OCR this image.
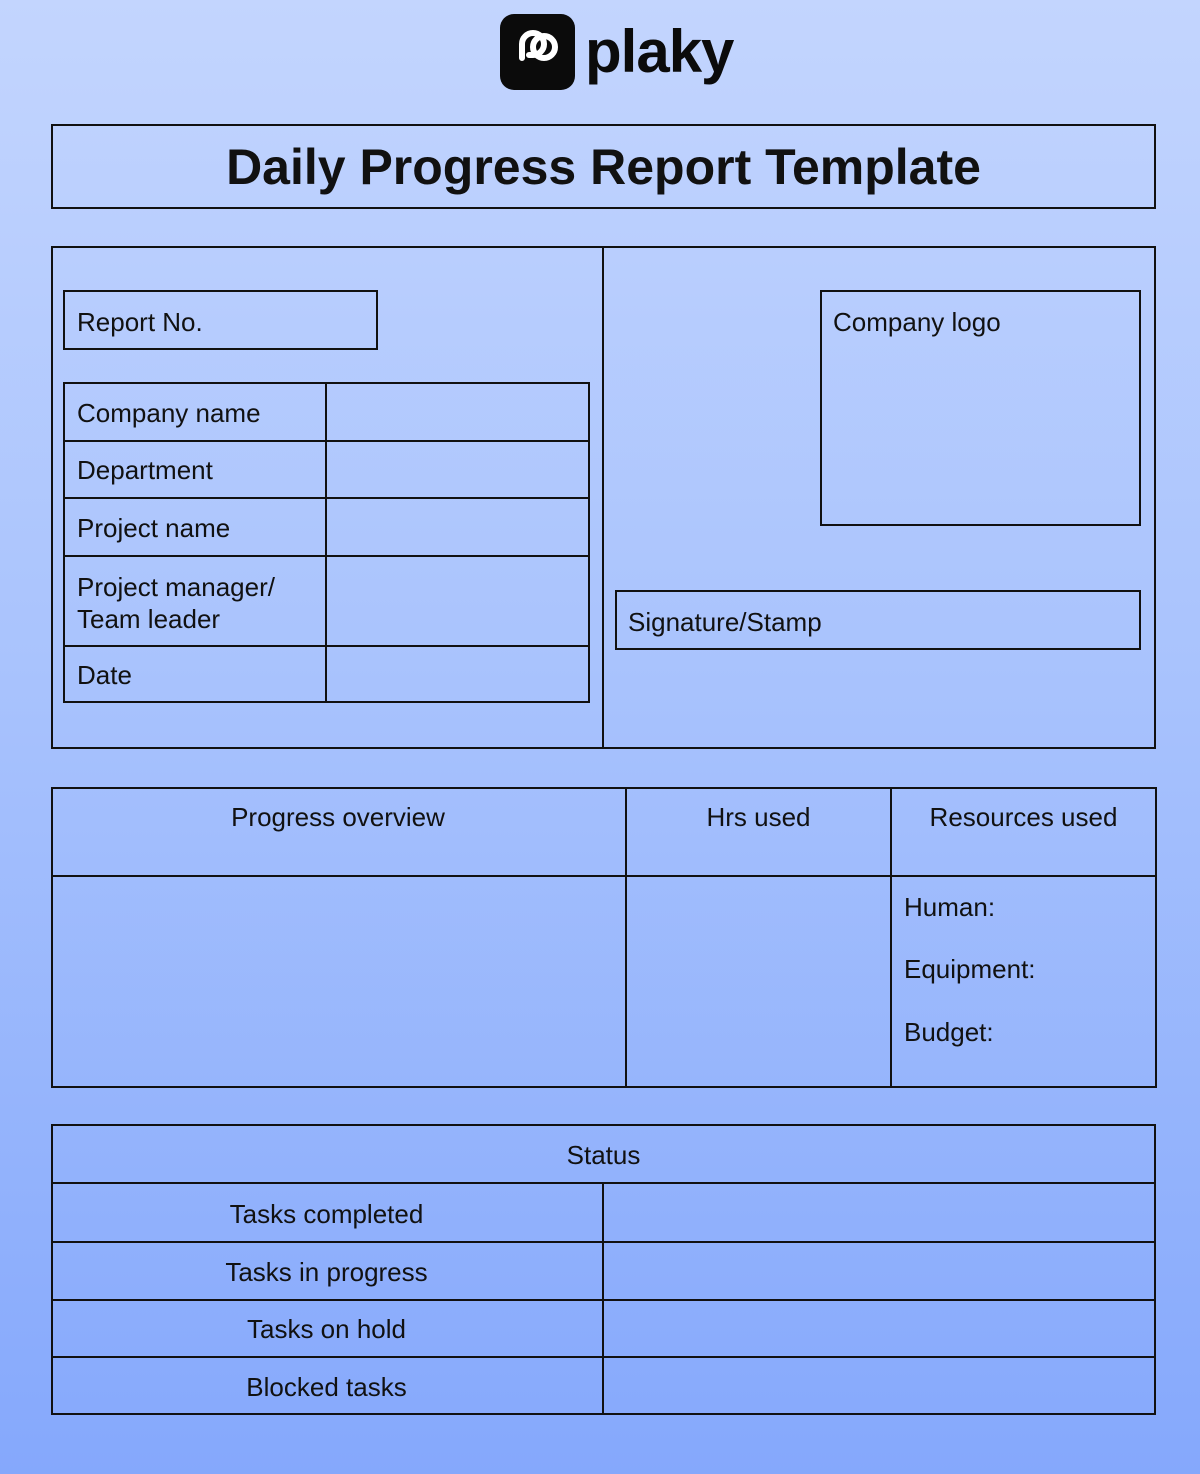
plaky
Daily Progress Report Template
Report No.
Company name
Department
Project name
Project manager/ Team leader
Date
Company logo
Signature/Stamp
Progress overview	Hrs used	Resources used
Human:
Equipment:
Budget:
Status
Tasks completed
Tasks in progress
Tasks on hold
Blocked tasks
